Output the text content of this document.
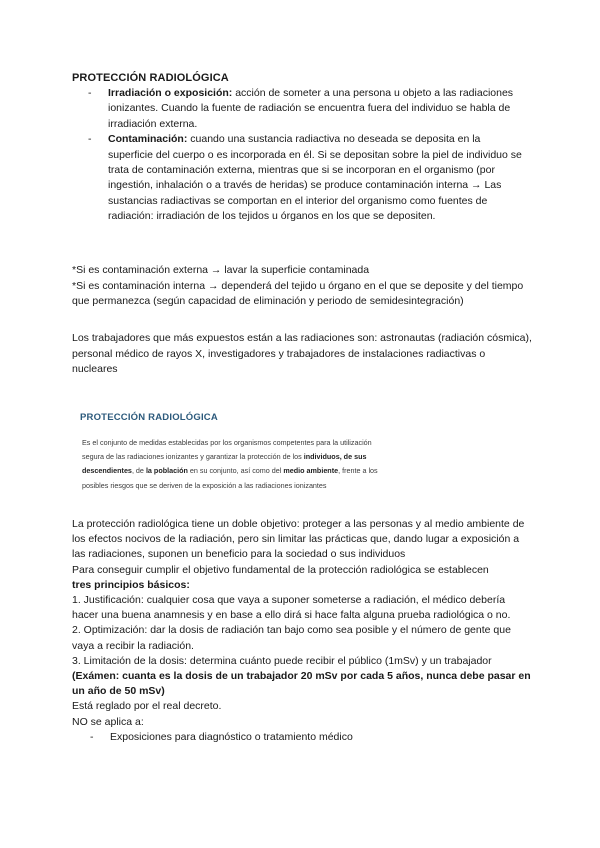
PROTECCIÓN RADIOLÓGICA
- Irradiación o exposición: acción de someter a una persona u objeto a las radiaciones ionizantes. Cuando la fuente de radiación se encuentra fuera del individuo se habla de irradiación externa.
- Contaminación: cuando una sustancia radiactiva no deseada se deposita en la superficie del cuerpo o es incorporada en él. Si se depositan sobre la piel de individuo se trata de contaminación externa, mientras que si se incorporan en el organismo (por ingestión, inhalación o a través de heridas) se produce contaminación interna → Las sustancias radiactivas se comportan en el interior del organismo como fuentes de radiación: irradiación de los tejidos u órganos en los que se depositen.
*Si es contaminación externa → lavar la superficie contaminada
*Si es contaminación interna → dependerá del tejido u órgano en el que se deposite y del tiempo que permanezca (según capacidad de eliminación y periodo de semidesintegración)
Los trabajadores que más expuestos están a las radiaciones son: astronautas (radiación cósmica), personal médico de rayos X, investigadores y trabajadores de instalaciones radiactivas o nucleares
PROTECCIÓN RADIOLÓGICA
Es el conjunto de medidas establecidas por los organismos competentes para la utilización segura de las radiaciones ionizantes y garantizar la protección de los individuos, de sus descendientes, de la población en su conjunto, así como del medio ambiente, frente a los posibles riesgos que se deriven de la exposición a las radiaciones ionizantes
La protección radiológica tiene un doble objetivo: proteger a las personas y al medio ambiente de los efectos nocivos de la radiación, pero sin limitar las prácticas que, dando lugar a exposición a las radiaciones, suponen un beneficio para la sociedad o sus individuos
Para conseguir cumplir el objetivo fundamental de la protección radiológica se establecen
tres principios básicos:
1. Justificación: cualquier cosa que vaya a suponer someterse a radiación, el médico debería hacer una buena anamnesis y en base a ello dirá si hace falta alguna prueba radiológica o no.
2. Optimización: dar la dosis de radiación tan bajo como sea posible y el número de gente que vaya a recibir la radiación.
3. Limitación de la dosis: determina cuánto puede recibir el público (1mSv) y un trabajador
(Exámen: cuanta es la dosis de un trabajador 20 mSv por cada 5 años, nunca debe pasar en un año de 50 mSv)
Está reglado por el real decreto.
NO se aplica a:
- Exposiciones para diagnóstico o tratamiento médico
